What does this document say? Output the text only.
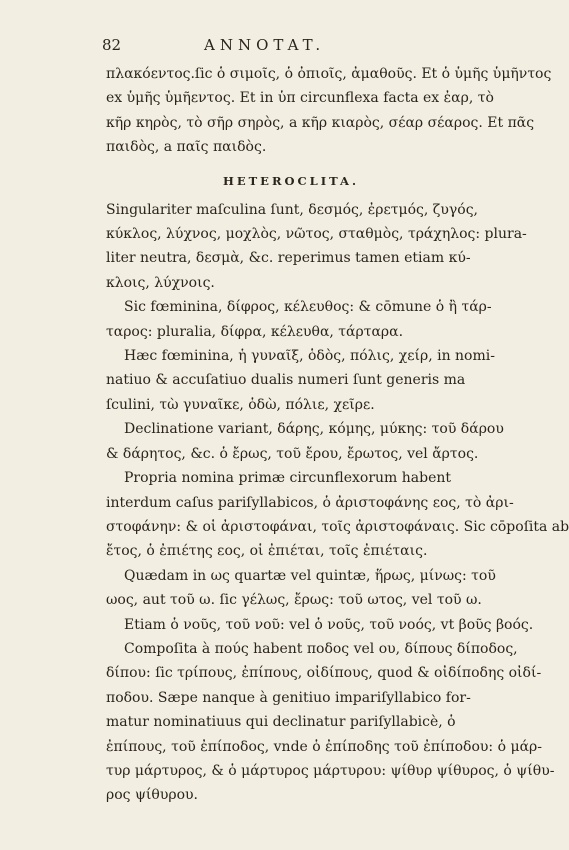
82	ANNOTAT.

πλακόεντος.ſic ὁ σιμοῖς, ὁ ὀπιοῖς, ἀμαθοῦς. Et ὁ ὑμῆς ὑμῆντος

ex ὑμῆς ὑμῆεντος. Et in ὑπ circunflexa facta ex ἐαρ, τὸ

κῆρ κηρὸς, τὸ σῆρ σηρὸς, a κῆρ κιαρὸς, σέαρ σέαρος. Et πᾶς

παιδὸς, a παῖς παιδὸς.

HETEROCLITA.

Singulariter maſculina ſunt, δεσμός, ἐρετμός, ζυγός,

κύκλος, λύχνος, μοχλὸς, νῶτος, σταθμὸς, τράχηλος: plura-

liter neutra, δεσμὰ, &c. reperimus tamen etiam κύ-

κλοις, λύχνοις.

Sic fœminina, δίφρος, κέλευθος: & cōmune ὁ ἢ τάρ-

ταρος: pluralia, δίφρα, κέλευθα, τάρταρα.

Hæc fœminina, ἡ γυναῖξ, ὁδὸς, πόλις, χείρ, in nomi-

natiuo & accuſatiuo dualis numeri ſunt generis ma

ſculini, τὼ γυναῖκε, ὁδὼ, πόλιε, χεῖρε.

Declinatione variant, δάρης, κόμης, μύκης: τοῦ δάρου

& δάρητος, &c. ὁ ἔρως, τοῦ ἔρου, ἔρωτος, vel ἄρτος.

Propria nomina primæ circunflexorum habent

interdum caſus pariſyllabicos, ὁ ἀριστοφάνης εος, τὸ ἀρι-

στοφάνην: & οἱ ἀριστοφάναι, τοῖς ἀριστοφάναις. Sic cōpoſita ab

ἔτος, ὁ ἐπιέτης εος, οἱ ἐπιέται, τοῖς ἐπιέταις.

Quædam in ως quartæ vel quintæ, ἥρως, μίνως: τοῦ

ωος, aut τοῦ ω. ſic γέλως, ἔρως: τοῦ ωτος, vel τοῦ ω.

Etiam ὁ νοῦς, τοῦ νοῦ: vel ὁ νοῦς, τοῦ νοός, vt βοῦς βοός.

Compoſita à πούς habent ποδος vel ου, δίπους δίποδος,

δίπου: ſic τρίπους, ἐπίπους, οἰδίπους, quod & οἰδίποδης οἰδί-

ποδου. Sæpe nanque à genitiuo impariſyllabico for-

matur nominatiuus qui declinatur pariſyllabicè, ὁ

ἐπίπους, τοῦ ἐπίποδος, vnde ὁ ἐπίποδης τοῦ ἐπίποδου: ὁ μάρ-

τυρ μάρτυρος, & ὁ μάρτυρος μάρτυρου: ψίθυρ ψίθυρος, ὁ ψίθυ-

ρος ψίθυρου.
